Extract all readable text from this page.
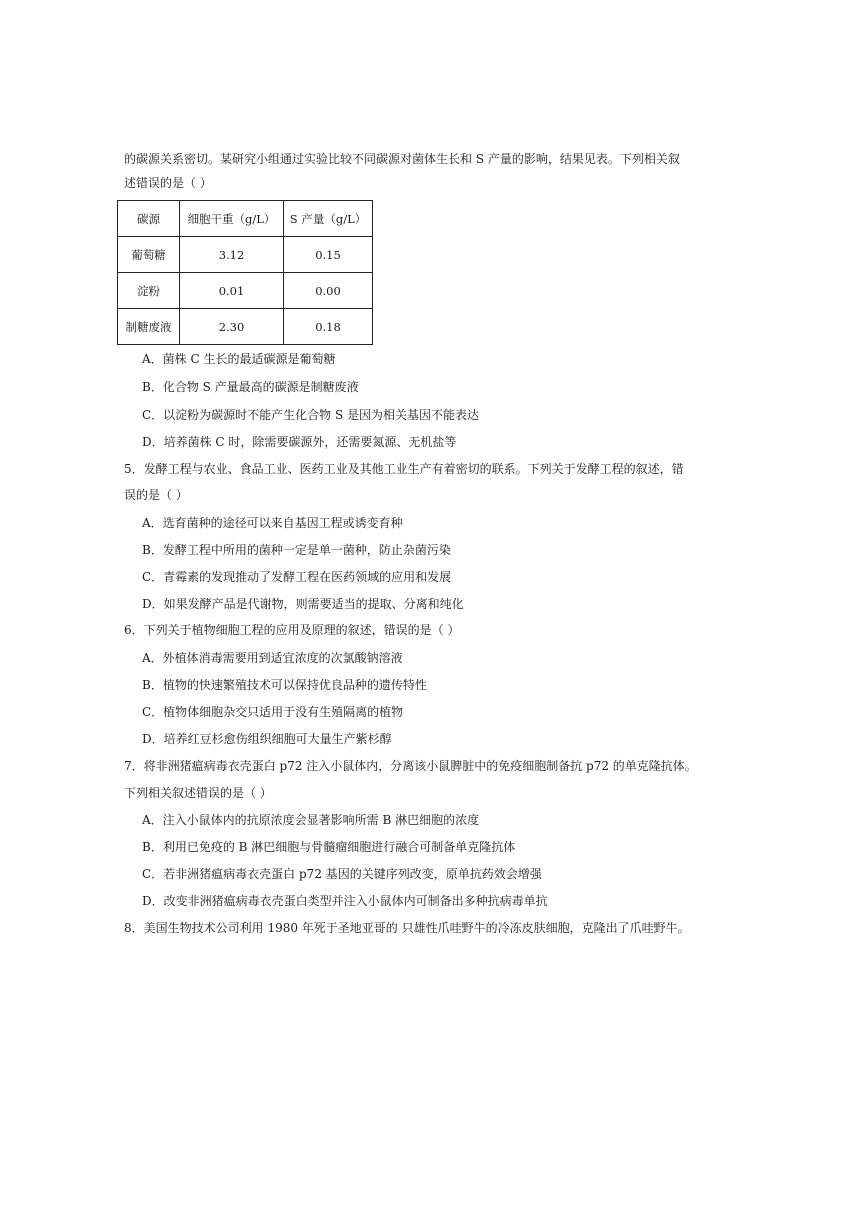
的碳源关系密切。某研究小组通过实验比较不同碳源对菌体生长和 S 产量的影响，结果见表。下列相关叙
述错误的是（ ）
碳源	细胞干重（g/L）	S 产量（g/L）
葡萄糖	3.12	0.15
淀粉	0.01	0.00
制糖废液	2.30	0.18
A．菌株 C 生长的最适碳源是葡萄糖
B．化合物 S 产量最高的碳源是制糖废液
C．以淀粉为碳源时不能产生化合物 S 是因为相关基因不能表达
D．培养菌株 C 时，除需要碳源外，还需要氮源、无机盐等
5．发酵工程与农业、食品工业、医药工业及其他工业生产有着密切的联系。下列关于发酵工程的叙述，错
误的是（ ）
A．选育菌种的途径可以来自基因工程或诱变育种
B．发酵工程中所用的菌种一定是单一菌种，防止杂菌污染
C．青霉素的发现推动了发酵工程在医药领域的应用和发展
D．如果发酵产品是代谢物，则需要适当的提取、分离和纯化
6．下列关于植物细胞工程的应用及原理的叙述，错误的是（ ）
A．外植体消毒需要用到适宜浓度的次氯酸钠溶液
B．植物的快速繁殖技术可以保持优良品种的遗传特性
C．植物体细胞杂交只适用于没有生殖隔离的植物
D．培养红豆杉愈伤组织细胞可大量生产紫杉醇
7．将非洲猪瘟病毒衣壳蛋白 p72 注入小鼠体内，分离该小鼠脾脏中的免疫细胞制备抗 p72 的单克隆抗体。
下列相关叙述错误的是（ ）
A．注入小鼠体内的抗原浓度会显著影响所需 B 淋巴细胞的浓度
B．利用已免疫的 B 淋巴细胞与骨髓瘤细胞进行融合可制备单克隆抗体
C．若非洲猪瘟病毒衣壳蛋白 p72 基因的关键序列改变，原单抗药效会增强
D．改变非洲猪瘟病毒衣壳蛋白类型并注入小鼠体内可制备出多种抗病毒单抗
8．美国生物技术公司利用 1980 年死于圣地亚哥的 只雄性爪哇野牛的冷冻皮肤细胞，克隆出了爪哇野牛。
